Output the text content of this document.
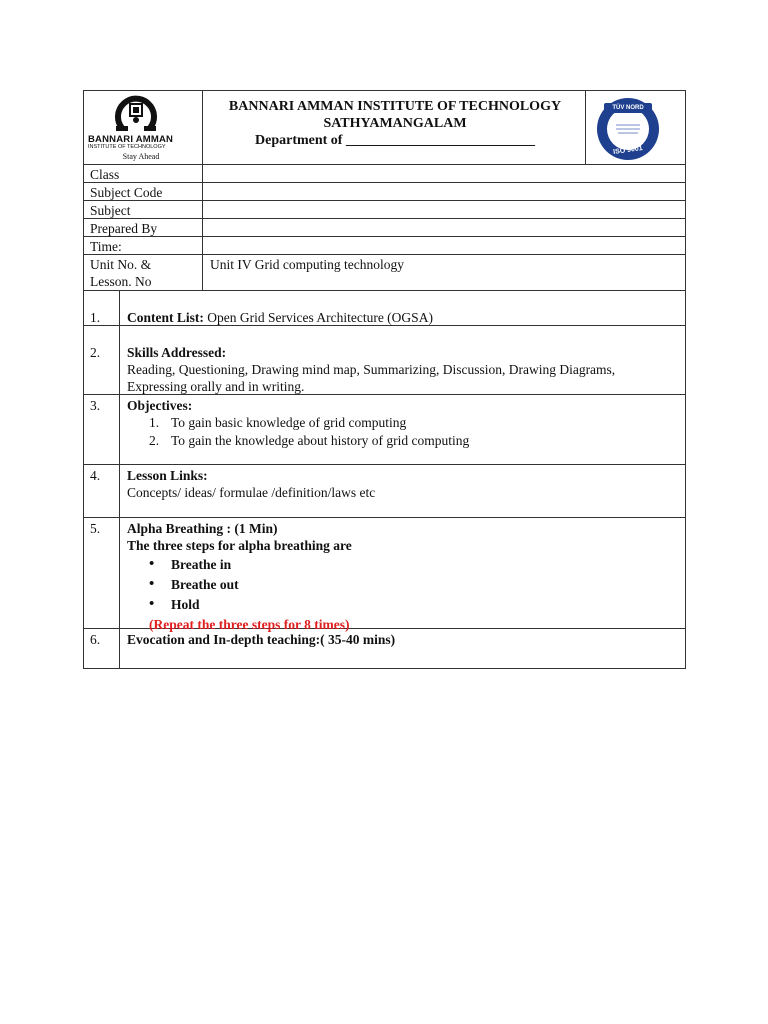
BANNARI AMMAN
INSTITUTE OF TECHNOLOGY
Stay Ahead
BANNARI AMMAN INSTITUTE OF TECHNOLOGY
SATHYAMANGALAM
Department of ___________________________
TÜV NORD
ISO 9001
Class
Subject Code
Subject
Prepared By
Time:
Unit No. &
Lesson. No
Unit IV Grid computing technology
1. Content List: Open Grid Services Architecture (OGSA)
2. Skills Addressed:
Reading, Questioning, Drawing mind map, Summarizing, Discussion, Drawing Diagrams,
Expressing orally and in writing.
3. Objectives:
1. To gain basic knowledge of grid computing
2. To gain the knowledge about history of grid computing
4. Lesson Links:
Concepts/ ideas/ formulae /definition/laws etc
5. Alpha Breathing : (1 Min)
The three steps for alpha breathing are
• Breathe in
• Breathe out
• Hold
(Repeat the three steps for 8 times)
6. Evocation and In-depth teaching:( 35-40 mins)
